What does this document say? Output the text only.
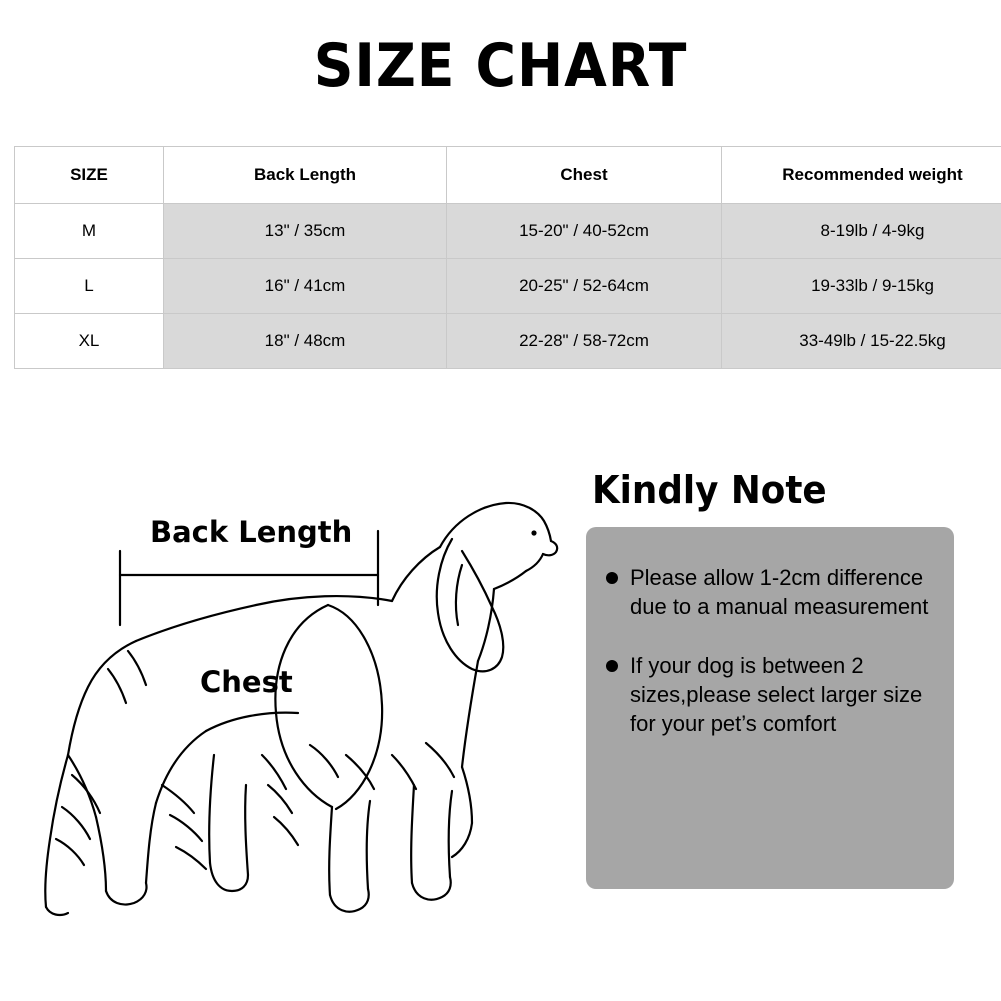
SIZE CHART
SIZE	Back Length	Chest	Recommended weight
M	13" / 35cm	15-20" / 40-52cm	8-19lb / 4-9kg
L	16" / 41cm	20-25" / 52-64cm	19-33lb / 9-15kg
XL	18" / 48cm	22-28" / 58-72cm	33-49lb / 15-22.5kg
Back Length
Chest
Kindly Note
Please allow 1-2cm difference due to a manual measurement
If your dog is between 2 sizes,please select larger size for your pet’s comfort
